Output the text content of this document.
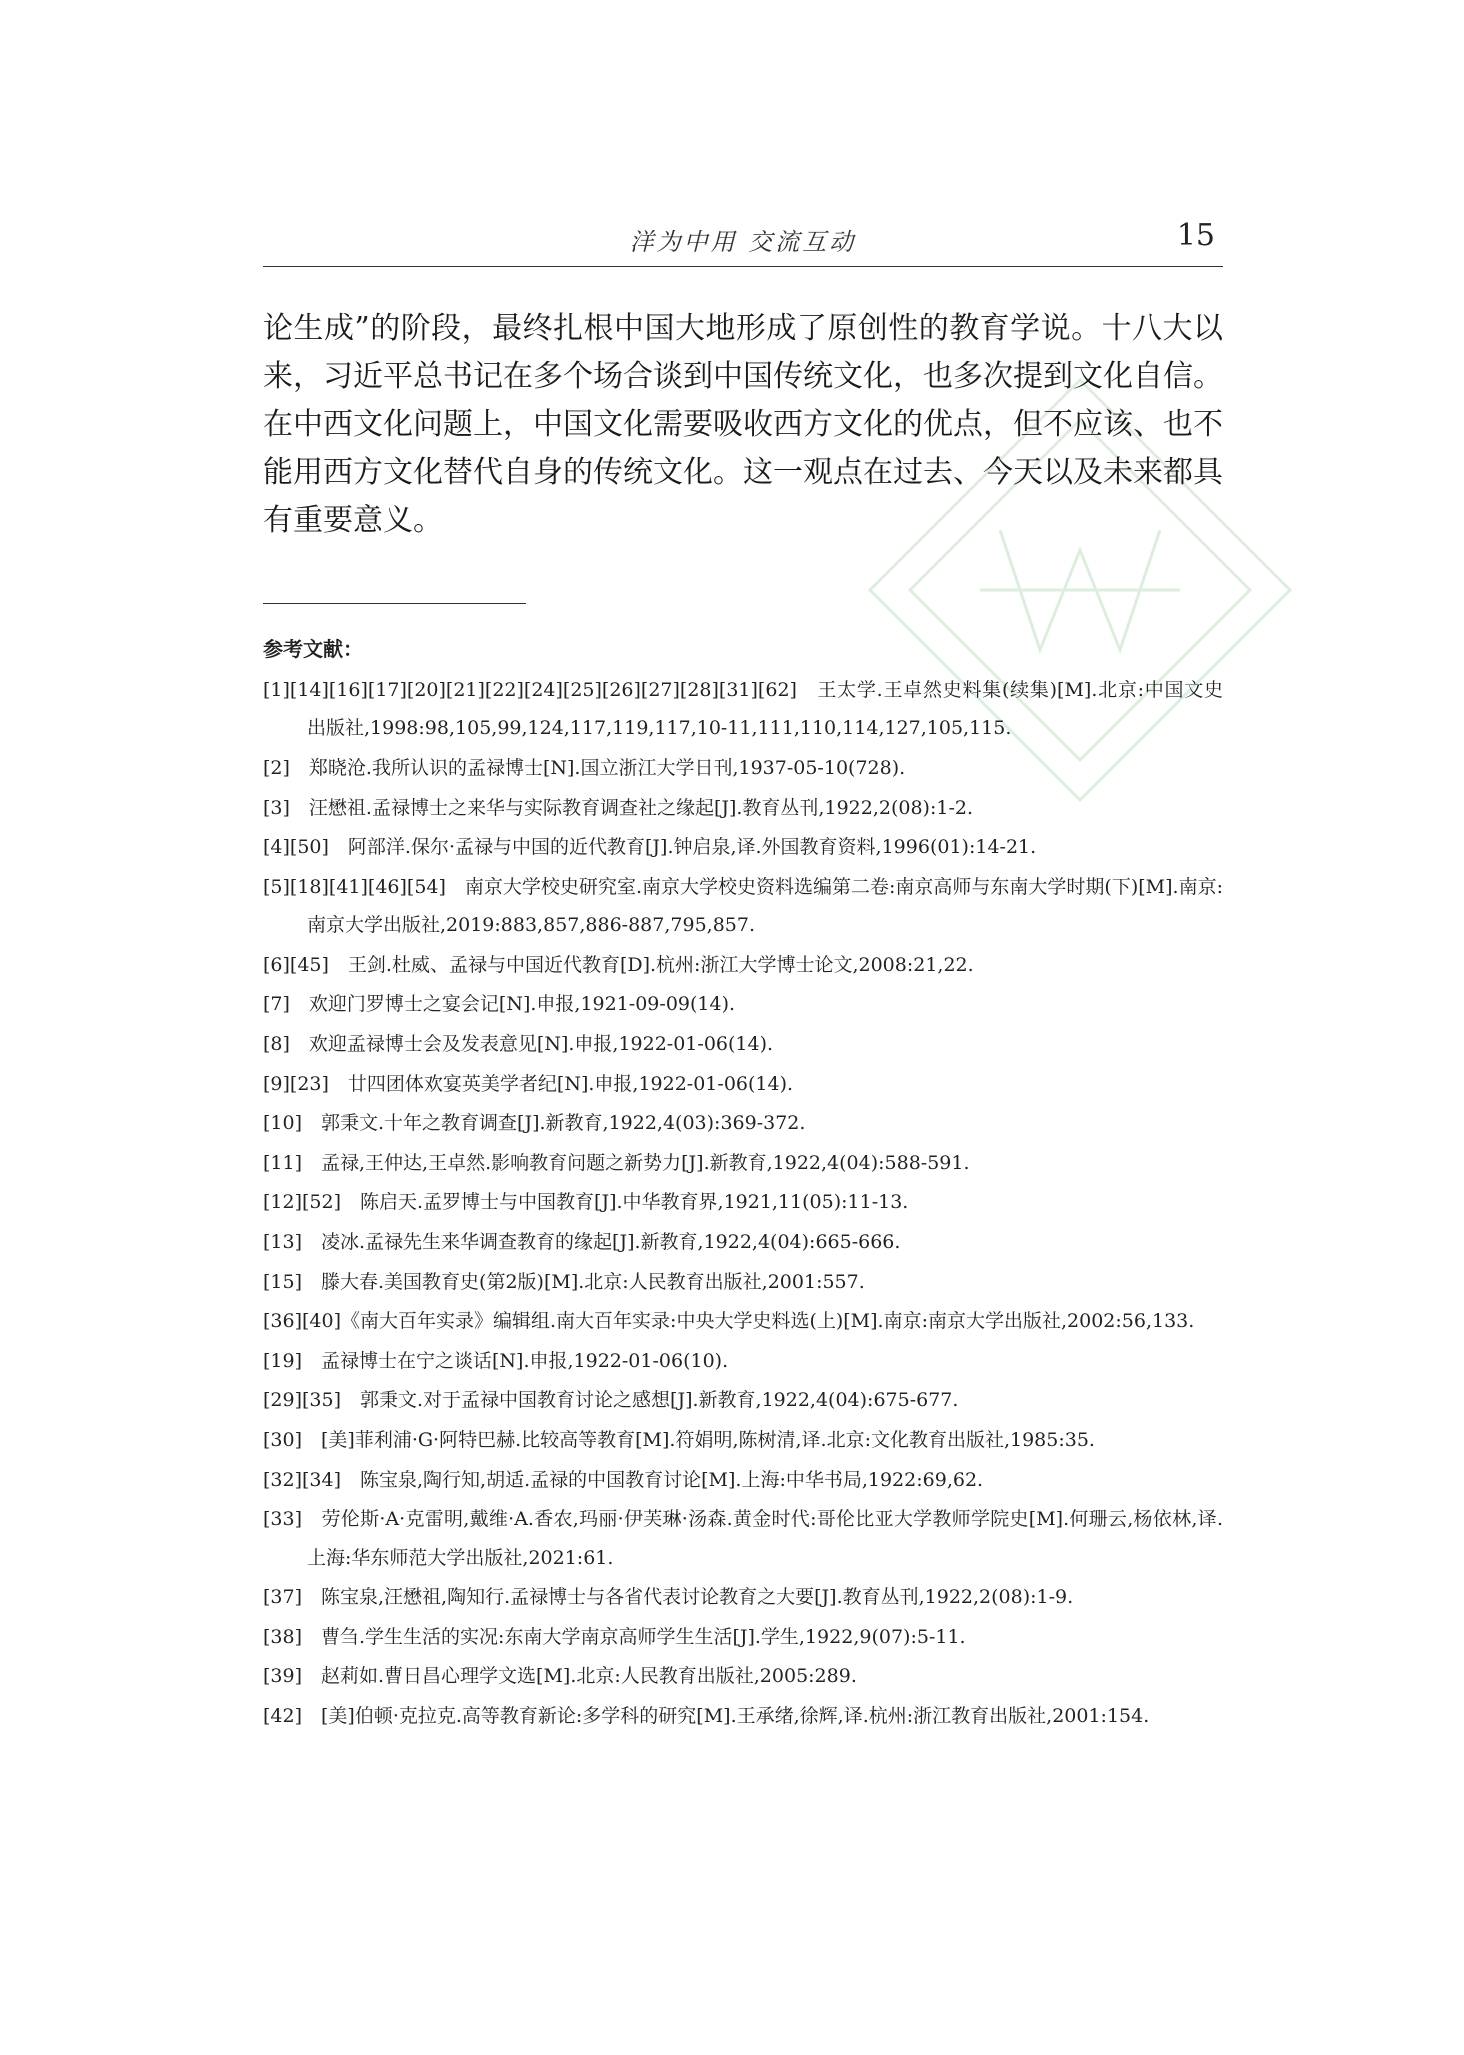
洋为中用 交流互动	15

论生成”的阶段，最终扎根中国大地形成了原创性的教育学说。十八大以来，习近平总书记在多个场合谈到中国传统文化，也多次提到文化自信。在中西文化问题上，中国文化需要吸收西方文化的优点，但不应该、也不能用西方文化替代自身的传统文化。这一观点在过去、今天以及未来都具有重要意义。

参考文献：
[1][14][16][17][20][21][22][24][25][26][27][28][31][62]　王太学.王卓然史料集(续集)[M].北京:中国文史出版社,1998:98,105,99,124,117,119,117,10-11,111,110,114,127,105,115.
[2]　郑晓沧.我所认识的孟禄博士[N].国立浙江大学日刊,1937-05-10(728).
[3]　汪懋祖.孟禄博士之来华与实际教育调查社之缘起[J].教育丛刊,1922,2(08):1-2.
[4][50]　阿部洋.保尔·孟禄与中国的近代教育[J].钟启泉,译.外国教育资料,1996(01):14-21.
[5][18][41][46][54]　南京大学校史研究室.南京大学校史资料选编第二卷:南京高师与东南大学时期(下)[M].南京:南京大学出版社,2019:883,857,886-887,795,857.
[6][45]　王剑.杜威、孟禄与中国近代教育[D].杭州:浙江大学博士论文,2008:21,22.
[7]　欢迎门罗博士之宴会记[N].申报,1921-09-09(14).
[8]　欢迎孟禄博士会及发表意见[N].申报,1922-01-06(14).
[9][23]　廿四团体欢宴英美学者纪[N].申报,1922-01-06(14).
[10]　郭秉文.十年之教育调查[J].新教育,1922,4(03):369-372.
[11]　孟禄,王仲达,王卓然.影响教育问题之新势力[J].新教育,1922,4(04):588-591.
[12][52]　陈启天.孟罗博士与中国教育[J].中华教育界,1921,11(05):11-13.
[13]　凌冰.孟禄先生来华调查教育的缘起[J].新教育,1922,4(04):665-666.
[15]　滕大春.美国教育史(第2版)[M].北京:人民教育出版社,2001:557.
[36][40]《南大百年实录》编辑组.南大百年实录:中央大学史料选(上)[M].南京:南京大学出版社,2002:56,133.
[19]　孟禄博士在宁之谈话[N].申报,1922-01-06(10).
[29][35]　郭秉文.对于孟禄中国教育讨论之感想[J].新教育,1922,4(04):675-677.
[30]　[美]菲利浦·G·阿特巴赫.比较高等教育[M].符娟明,陈树清,译.北京:文化教育出版社,1985:35.
[32][34]　陈宝泉,陶行知,胡适.孟禄的中国教育讨论[M].上海:中华书局,1922:69,62.
[33]　劳伦斯·A·克雷明,戴维·A.香农,玛丽·伊芙琳·汤森.黄金时代:哥伦比亚大学教师学院史[M].何珊云,杨依林,译.上海:华东师范大学出版社,2021:61.
[37]　陈宝泉,汪懋祖,陶知行.孟禄博士与各省代表讨论教育之大要[J].教育丛刊,1922,2(08):1-9.
[38]　曹刍.学生生活的实况:东南大学南京高师学生生活[J].学生,1922,9(07):5-11.
[39]　赵莉如.曹日昌心理学文选[M].北京:人民教育出版社,2005:289.
[42]　[美]伯顿·克拉克.高等教育新论:多学科的研究[M].王承绪,徐辉,译.杭州:浙江教育出版社,2001:154.
